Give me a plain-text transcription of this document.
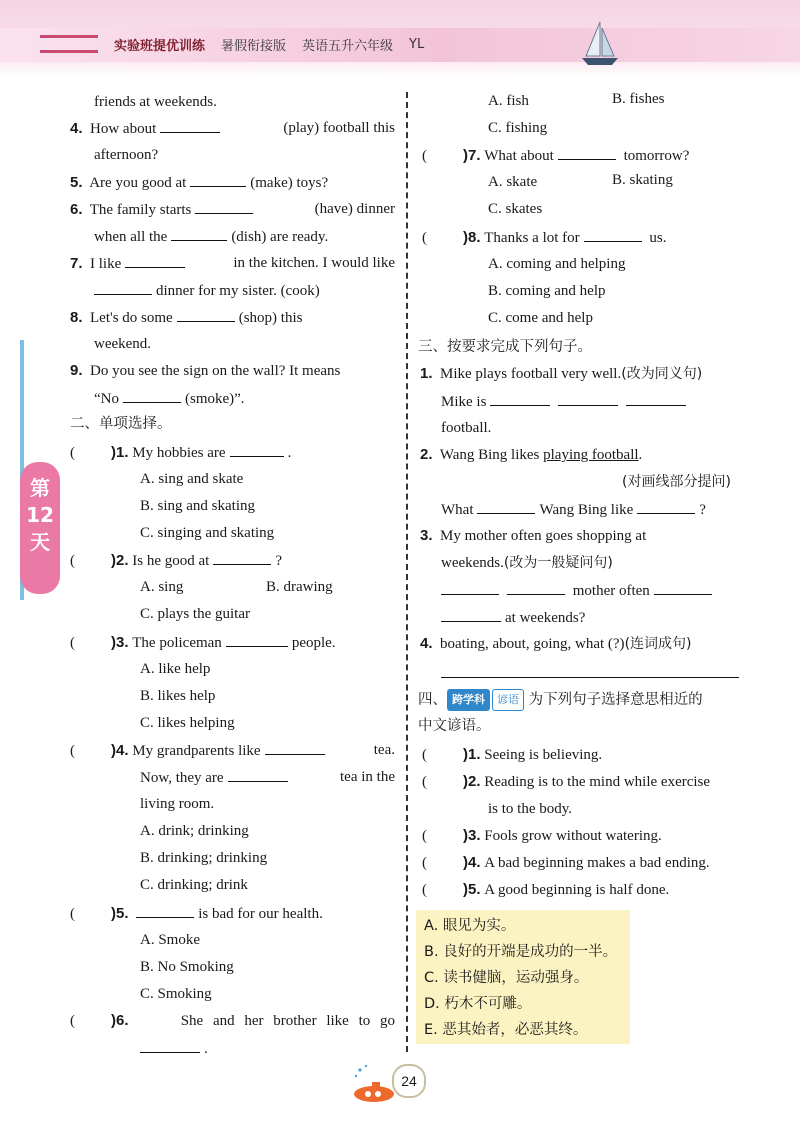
实验班提优训练 暑假衔接版 英语五升六年级 YL
第12天
friends at weekends.
4. How about	(play) football this
afternoon?
5. Are you good at	(make) toys?
6. The family starts	(have) dinner
when all the	(dish) are ready.
7. I like	in the kitchen. I would like
dinner for my sister. (cook)
8. Let's do some	(shop) this
weekend.
9. Do you see the sign on the wall? It means
“No	(smoke)”.
二、单项选择。
( )1. My hobbies are	.
A. sing and skate
B. sing and skating
C. singing and skating
( )2. Is he good at	?
A. sing	B. drawing
C. plays the guitar
( )3. The policeman	people.
A. like help
B. likes help
C. likes helping
( )4. My grandparents like	tea.
Now, they are	tea in the
living room.
A. drink; drinking
B. drinking; drinking
C. drinking; drink
( )5.	is bad for our health.
A. Smoke
B. No Smoking
C. Smoking
( )6.	She and her brother like to go
.
A. fish	B. fishes
C. fishing
( )7. What about	tomorrow?
A. skate	B. skating
C. skates
( )8. Thanks a lot for	us.
A. coming and helping
B. coming and help
C. come and help
三、按要求完成下列句子。
1. Mike plays football very well.(改为同义句)
Mike is
football.
2. Wang Bing likes playing football.
(对画线部分提问)
What	Wang Bing like	?
3. My mother often goes shopping at
weekends.(改为一般疑问句)
mother often
at weekends?
4. boating, about, going, what (?)(连词成句)
四、 跨学科 谚语 为下列句子选择意思相近的
中文谚语。
( )1. Seeing is believing.
( )2. Reading is to the mind while exercise
is to the body.
( )3. Fools grow without watering.
( )4. A bad beginning makes a bad ending.
( )5. A good beginning is half done.
A. 眼见为实。
B. 良好的开端是成功的一半。
C. 读书健脑，运动强身。
D. 朽木不可雕。
E. 恶其始者，必恶其终。
24
